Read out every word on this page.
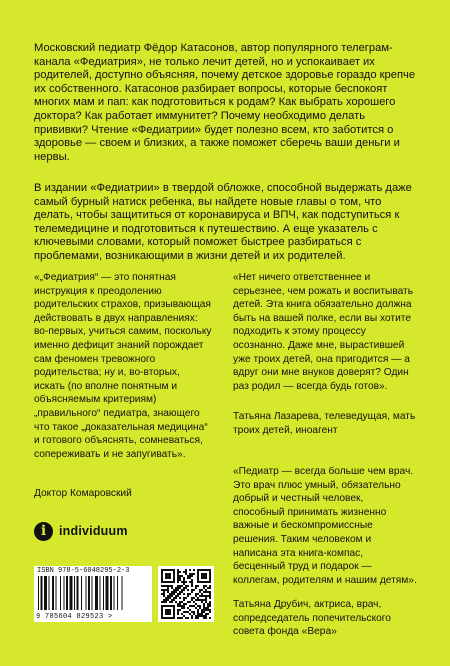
Московский педиатр Фёдор Катасонов, автор популярного телеграм-канала «Федиатрия», не только лечит детей, но и успокаивает их родителей, доступно объясняя, почему детское здоровье гораздо крепче их собственного. Катасонов разбирает вопросы, которые беспокоят многих мам и пап: как подготовиться к родам? Как выбрать хорошего доктора? Как работает иммунитет? Почему необходимо делать прививки? Чтение «Федиатрии» будет полезно всем, кто заботится о здоровье — своем и близких, а также поможет сберечь ваши деньги и нервы.

В издании «Федиатрии» в твердой обложке, способной выдержать даже самый бурный натиск ребенка, вы найдете новые главы о том, что делать, чтобы защититься от коронавируса и ВПЧ, как подступиться к телемедицине и подготовиться к путешествию. А еще указатель с ключевыми словами, который поможет быстрее разбираться с проблемами, возникающими в жизни детей и их родителей.

«„Федиатрия“ — это понятная инструкция к преодолению родительских страхов, призывающая действовать в двух направлениях: во-первых, учиться самим, поскольку именно дефицит знаний порождает сам феномен тревожного родительства; ну и, во-вторых, искать (по вполне понятным и объясняемым критериям) „правильного“ педиатра, знающего что такое „доказательная медицина“ и готового объяснять, сомневаться, сопереживать и не запугивать».

Доктор Комаровский

«Нет ничего ответственнее и серьезнее, чем рожать и воспитывать детей. Эта книга обязательно должна быть на вашей полке, если вы хотите подходить к этому процессу осознанно. Даже мне, вырастившей уже троих детей, она пригодится — а вдруг они мне внуков доверят? Один раз родил — всегда будь готов».

Татьяна Лазарева, телеведущая, мать троих детей, иноагент

«Педиатр — всегда больше чем врач. Это врач плюс умный, обязательно добрый и честный человек, способный принимать жизненно важные и бескомпромиссные решения. Таким человеком и написана эта книга-компас, бесценный труд и подарок — коллегам, родителям и нашим детям».

Татьяна Друбич, актриса, врач, сопредседатель попечительского совета фонда «Вера»

i	individuum
ISBN 978-5-6048295-2-3
9 785604 829523 >
